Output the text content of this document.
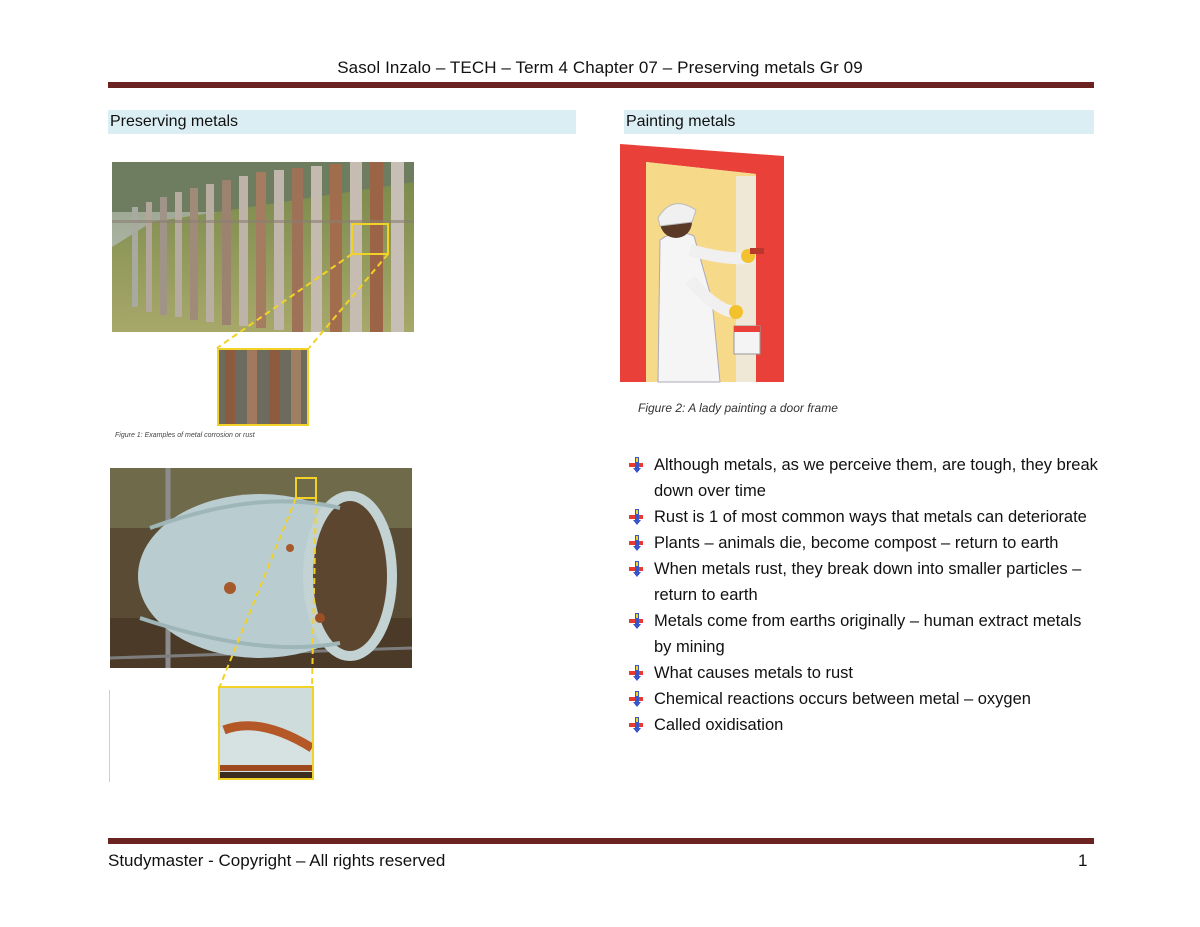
Sasol Inzalo – TECH – Term 4 Chapter 07 – Preserving metals Gr 09
Preserving metals
Figure 1: Examples of metal corrosion or rust
Painting metals
Figure 2: A lady painting a door frame
Although metals, as we perceive them, are tough, they break down over time
Rust is 1 of most common ways that metals can deteriorate
Plants – animals die, become compost – return to earth
When metals rust, they break down into smaller particles – return to earth
Metals come from earths originally – human extract metals by mining
What causes metals to rust
Chemical reactions occurs between metal – oxygen
Called oxidisation
Studymaster - Copyright – All rights reserved	1
